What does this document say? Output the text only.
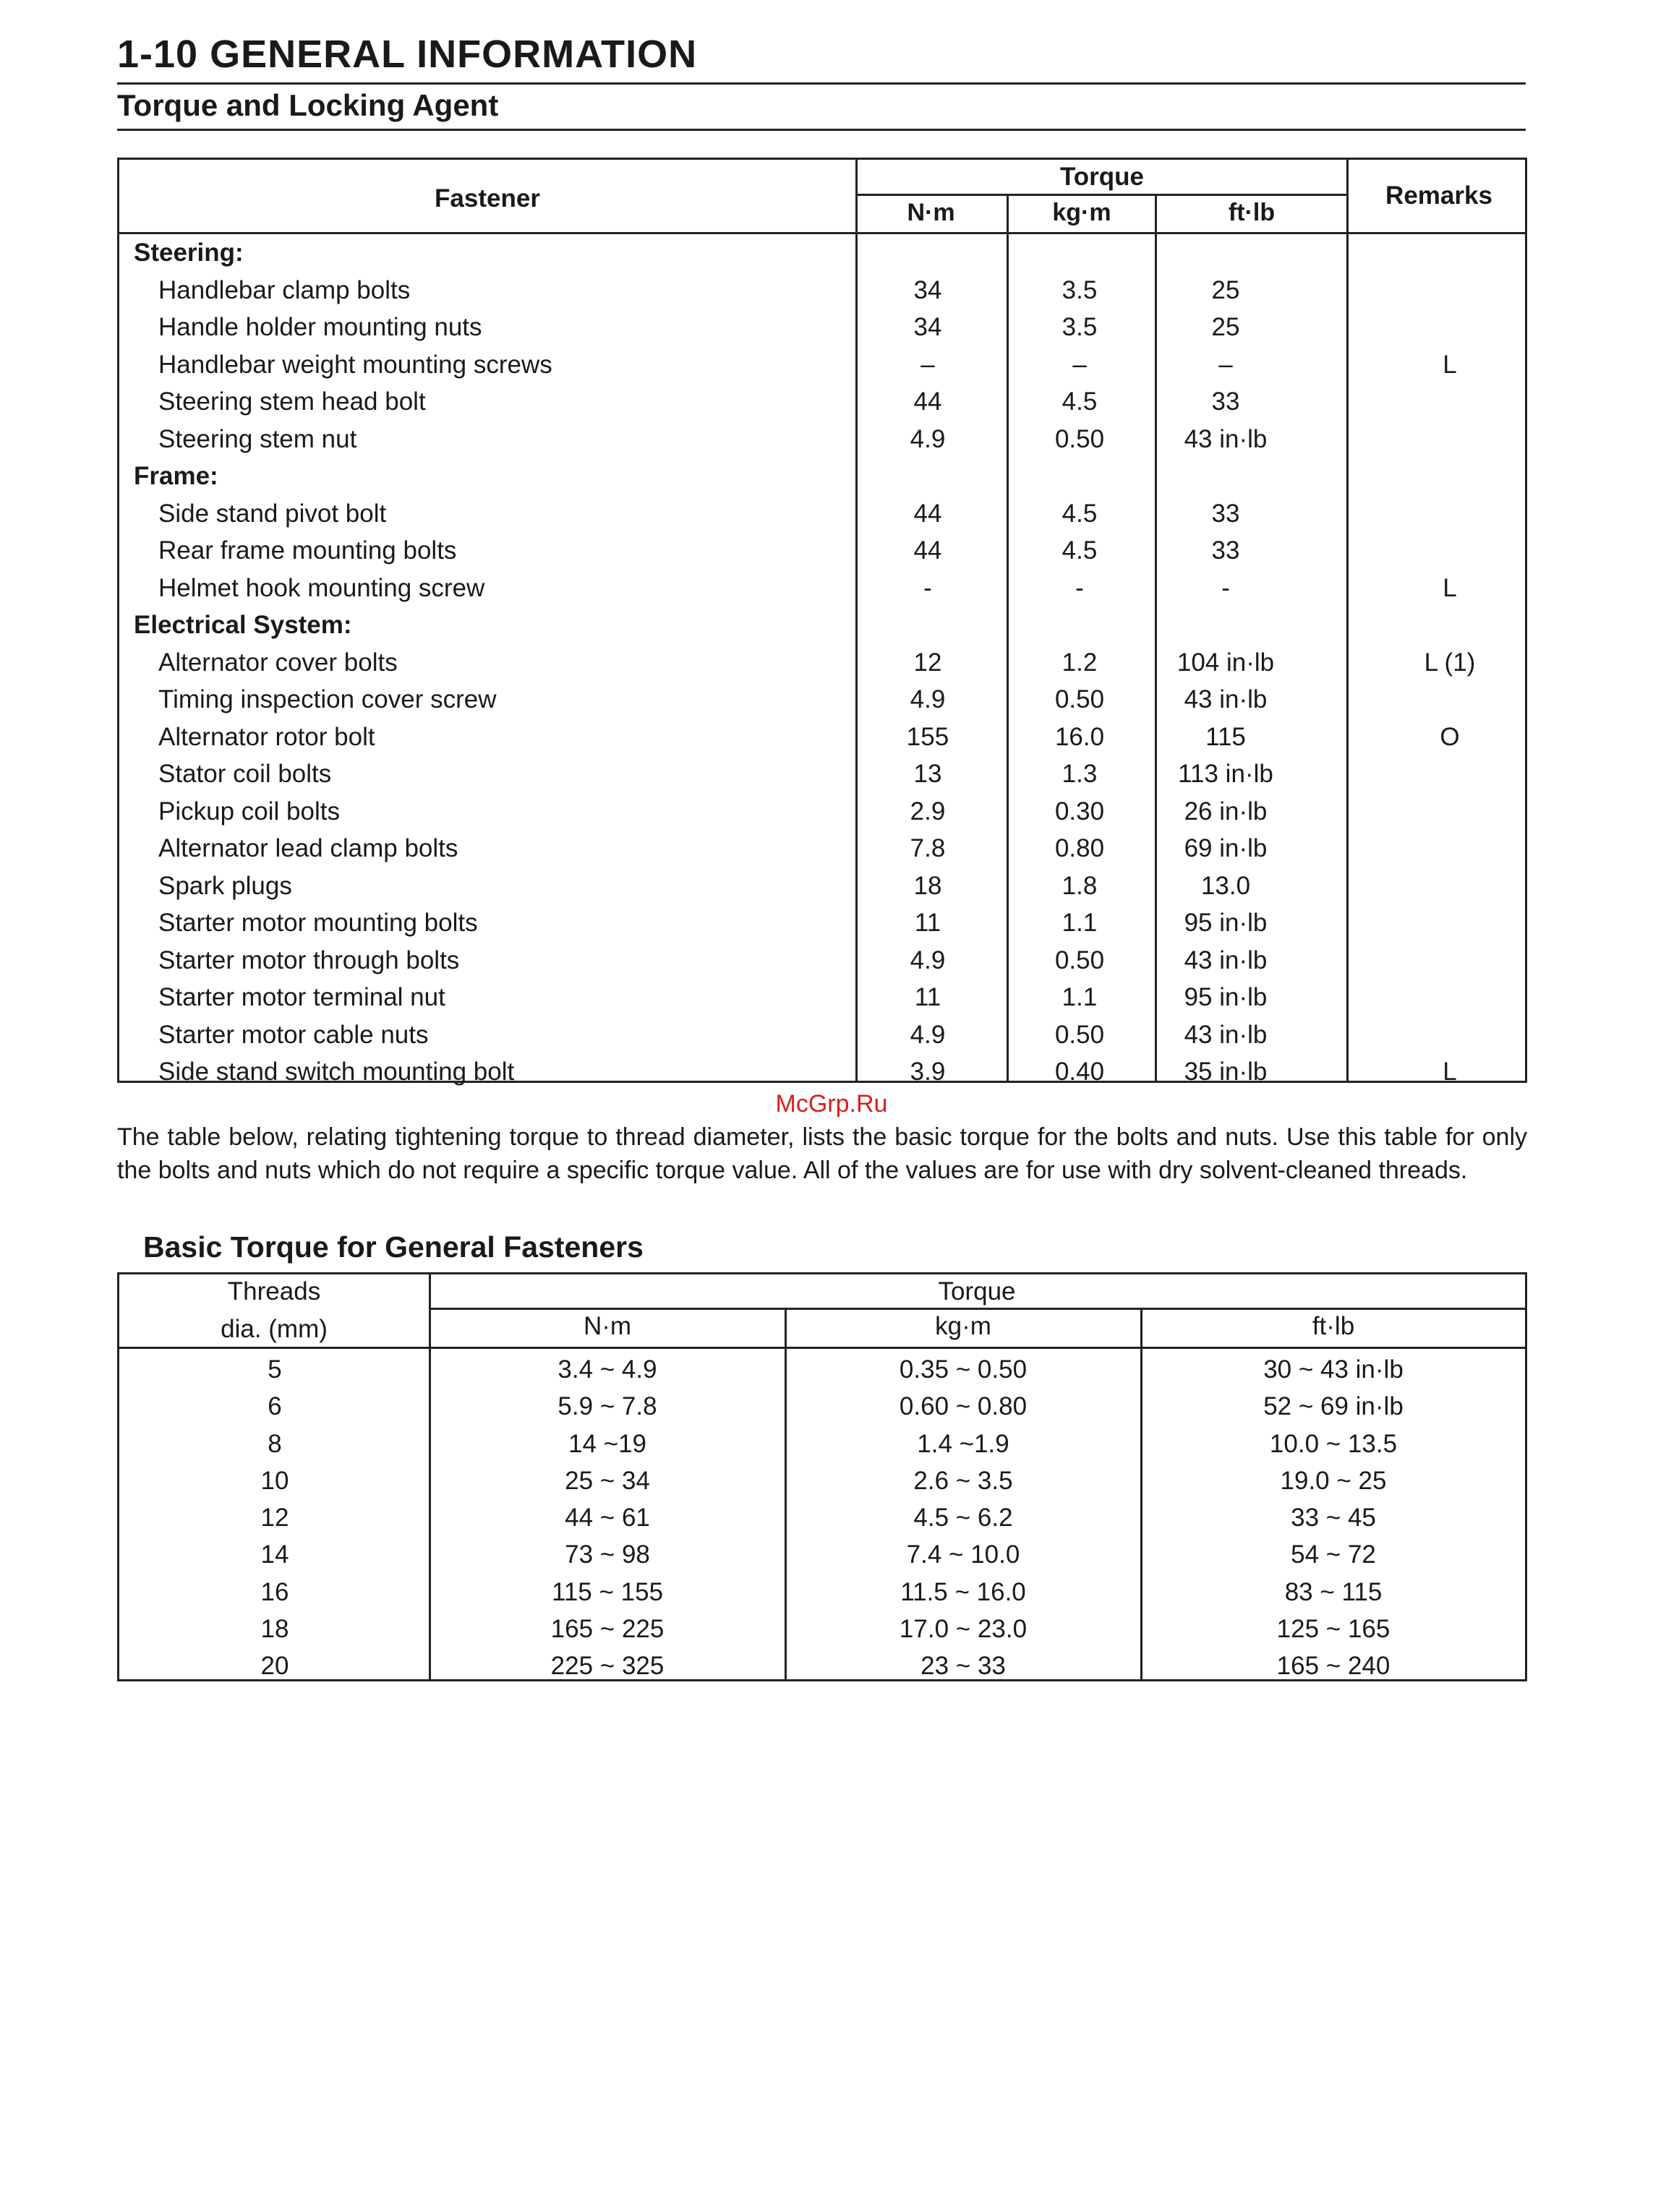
1-10 GENERAL INFORMATION
Torque and Locking Agent
Fastener
Torque
Remarks
N·m	kg·m	ft·lb
Steering:
Handlebar clamp bolts	34	3.5	25
Handle holder mounting nuts	34	3.5	25
Handlebar weight mounting screws	–	–	–	L
Steering stem head bolt	44	4.5	33
Steering stem nut	4.9	0.50	43 in·lb
Frame:
Side stand pivot bolt	44	4.5	33
Rear frame mounting bolts	44	4.5	33
Helmet hook mounting screw	-	-	-	L
Electrical System:
Alternator cover bolts	12	1.2	104 in·lb	L (1)
Timing inspection cover screw	4.9	0.50	43 in·lb
Alternator rotor bolt	155	16.0	115	O
Stator coil bolts	13	1.3	113 in·lb
Pickup coil bolts	2.9	0.30	26 in·lb
Alternator lead clamp bolts	7.8	0.80	69 in·lb
Spark plugs	18	1.8	13.0
Starter motor mounting bolts	11	1.1	95 in·lb
Starter motor through bolts	4.9	0.50	43 in·lb
Starter motor terminal nut	11	1.1	95 in·lb
Starter motor cable nuts	4.9	0.50	43 in·lb
Side stand switch mounting bolt	3.9	0.40	35 in·lb	L
McGrp.Ru
The table below, relating tightening torque to thread diameter, lists the basic torque for the bolts and nuts. Use this table for only the bolts and nuts which do not require a specific torque value. All of the values are for use with dry solvent-cleaned threads.
Basic Torque for General Fasteners
Threads
dia. (mm)
Torque
N·m	kg·m	ft·lb
5	3.4 ~ 4.9	0.35 ~ 0.50	30 ~ 43 in·lb
6	5.9 ~ 7.8	0.60 ~ 0.80	52 ~ 69 in·lb
8	14 ~19	1.4 ~1.9	10.0 ~ 13.5
10	25 ~ 34	2.6 ~ 3.5	19.0 ~ 25
12	44 ~ 61	4.5 ~ 6.2	33 ~ 45
14	73 ~ 98	7.4 ~ 10.0	54 ~ 72
16	115 ~ 155	11.5 ~ 16.0	83 ~ 115
18	165 ~ 225	17.0 ~ 23.0	125 ~ 165
20	225 ~ 325	23 ~ 33	165 ~ 240
